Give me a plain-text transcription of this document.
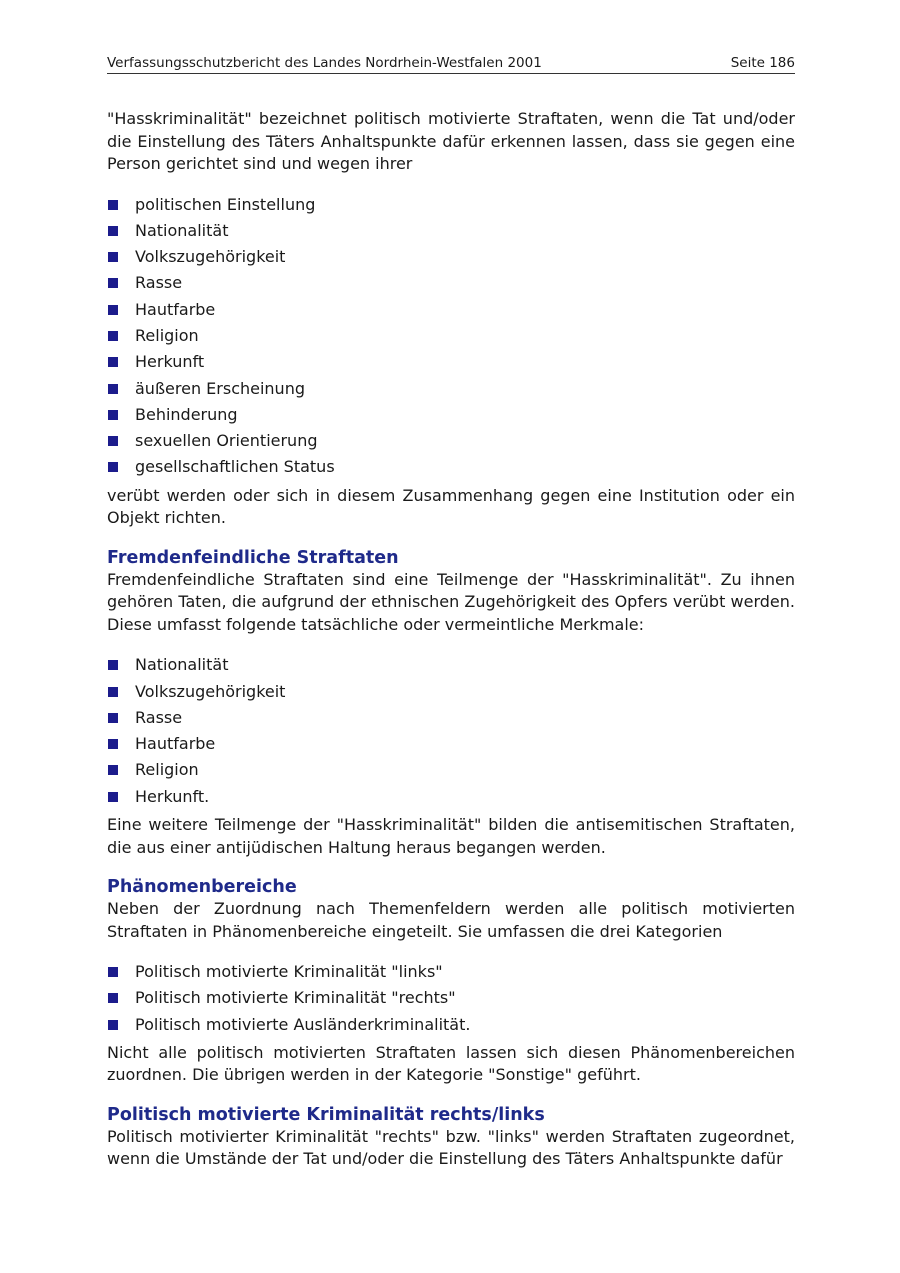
Verfassungsschutzbericht des Landes Nordrhein-Westfalen 2001	Seite 186

"Hasskriminalität" bezeichnet politisch motivierte Straftaten, wenn die Tat und/oder die Einstellung des Täters Anhaltspunkte dafür erkennen lassen, dass sie gegen eine Person gerichtet sind und wegen ihrer

politischen Einstellung
Nationalität
Volkszugehörigkeit
Rasse
Hautfarbe
Religion
Herkunft
äußeren Erscheinung
Behinderung
sexuellen Orientierung
gesellschaftlichen Status

verübt werden oder sich in diesem Zusammenhang gegen eine Institution oder ein Objekt richten.

Fremdenfeindliche Straftaten

Fremdenfeindliche Straftaten sind eine Teilmenge der "Hasskriminalität". Zu ihnen gehören Taten, die aufgrund der ethnischen Zugehörigkeit des Opfers verübt werden. Diese umfasst folgende tatsächliche oder vermeintliche Merkmale:

Nationalität
Volkszugehörigkeit
Rasse
Hautfarbe
Religion
Herkunft.

Eine weitere Teilmenge der "Hasskriminalität" bilden die antisemitischen Straftaten, die aus einer antijüdischen Haltung heraus begangen werden.

Phänomenbereiche

Neben der Zuordnung nach Themenfeldern werden alle politisch motivierten Straftaten in Phänomenbereiche eingeteilt. Sie umfassen die drei Kategorien

Politisch motivierte Kriminalität "links"
Politisch motivierte Kriminalität "rechts"
Politisch motivierte Ausländerkriminalität.

Nicht alle politisch motivierten Straftaten lassen sich diesen Phänomenbereichen zuordnen. Die übrigen werden in der Kategorie "Sonstige" geführt.

Politisch motivierte Kriminalität rechts/links

Politisch motivierter Kriminalität "rechts" bzw. "links" werden Straftaten zugeordnet, wenn die Umstände der Tat und/oder die Einstellung des Täters Anhaltspunkte dafür
